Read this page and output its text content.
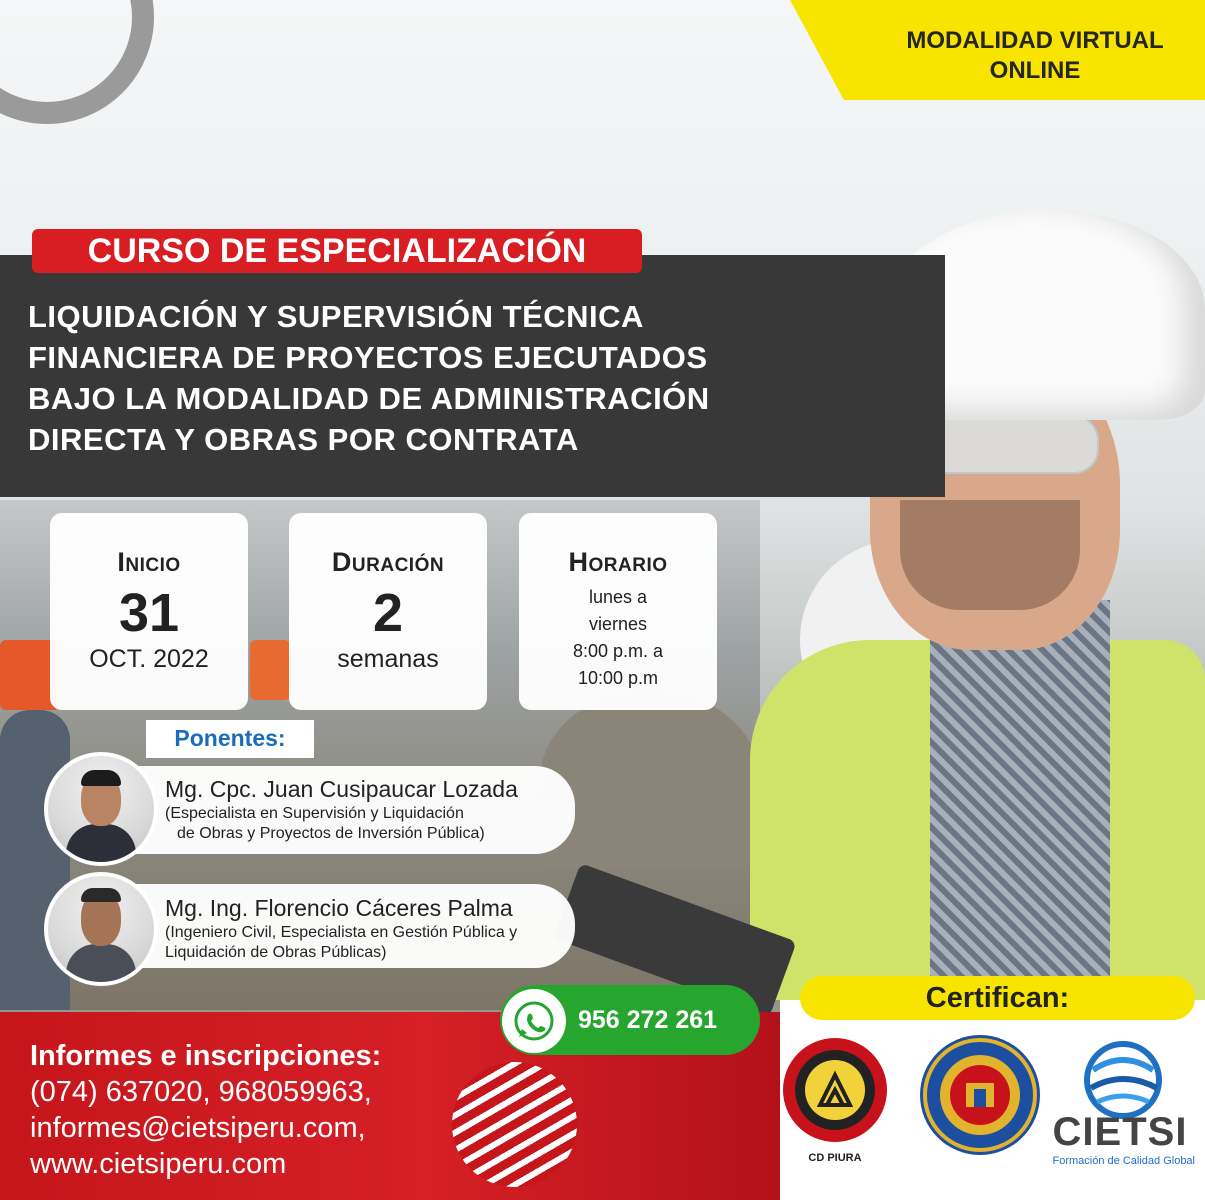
MODALIDAD VIRTUAL ONLINE
CURSO DE ESPECIALIZACIÓN
LIQUIDACIÓN Y SUPERVISIÓN TÉCNICA
FINANCIERA DE PROYECTOS EJECUTADOS
BAJO LA MODALIDAD DE ADMINISTRACIÓN
DIRECTA Y OBRAS POR CONTRATA
Inicio
31
OCT. 2022
Duración
2
semanas
Horario
lunes a
viernes
8:00 p.m. a
10:00 p.m
Ponentes:
Mg. Cpc. Juan Cusipaucar Lozada
(Especialista en Supervisión y Liquidación
de Obras y Proyectos de Inversión Pública)
Mg. Ing. Florencio Cáceres Palma
(Ingeniero Civil, Especialista en Gestión Pública y
Liquidación de Obras Públicas)
Informes e inscripciones:
(074) 637020, 968059963,
informes@cietsiperu.com,
www.cietsiperu.com
956 272 261
Certifican:
CD PIURA
CIETSI
Formación de Calidad Global
